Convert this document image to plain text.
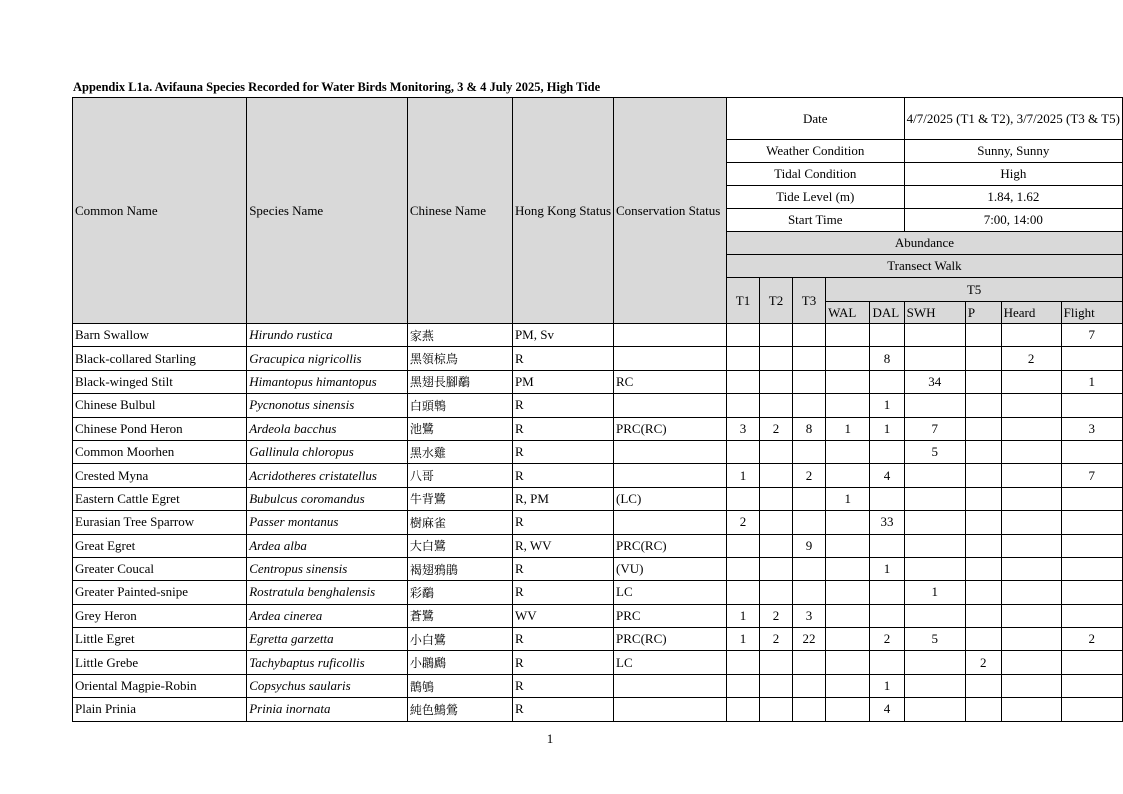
Appendix L1a. Avifauna Species Recorded for Water Birds Monitoring, 3 & 4 July 2025, High Tide
Common Name	Species Name	Chinese Name	Hong Kong Status	Conservation Status	Date					4/7/2025 (T1 & T2), 3/7/2025 (T3 & T5)			
					Weather Condition					Sunny, Sunny			
					Tidal Condition					High			
					Tide Level (m)					1.84, 1.62			
					Start Time					7:00, 14:00			
					Abundance								
					Transect Walk								
					T1	T2	T3	T5					
								WAL	DAL	SWH	P	Heard	Flight
Barn Swallow	Hirundo rustica	家燕	PM, Sv										7
Black-collared Starling	Gracupica nigricollis	黑領椋鳥	R						8			2	
Black-winged Stilt	Himantopus himantopus	黑翅長腳鷸	PM	RC						34			1
Chinese Bulbul	Pycnonotus sinensis	白頭鵯	R						1				
Chinese Pond Heron	Ardeola bacchus	池鷺	R	PRC(RC)	3	2	8	1	1	7			3
Common Moorhen	Gallinula chloropus	黑水雞	R							5			
Crested Myna	Acridotheres cristatellus	八哥	R		1		2		4				7
Eastern Cattle Egret	Bubulcus coromandus	牛背鷺	R, PM	(LC)				1					
Eurasian Tree Sparrow	Passer montanus	樹麻雀	R		2				33				
Great Egret	Ardea alba	大白鷺	R, WV	PRC(RC)			9						
Greater Coucal	Centropus sinensis	褐翅鴉鵑	R	(VU)					1				
Greater Painted-snipe	Rostratula benghalensis	彩鷸	R	LC						1			
Grey Heron	Ardea cinerea	蒼鷺	WV	PRC	1	2	3						
Little Egret	Egretta garzetta	小白鷺	R	PRC(RC)	1	2	22		2	5			2
Little Grebe	Tachybaptus ruficollis	小鸊鷉	R	LC							2		
Oriental Magpie-Robin	Copsychus saularis	鵲鴝	R						1				
Plain Prinia	Prinia inornata	純色鷦鶯	R						4				
1
